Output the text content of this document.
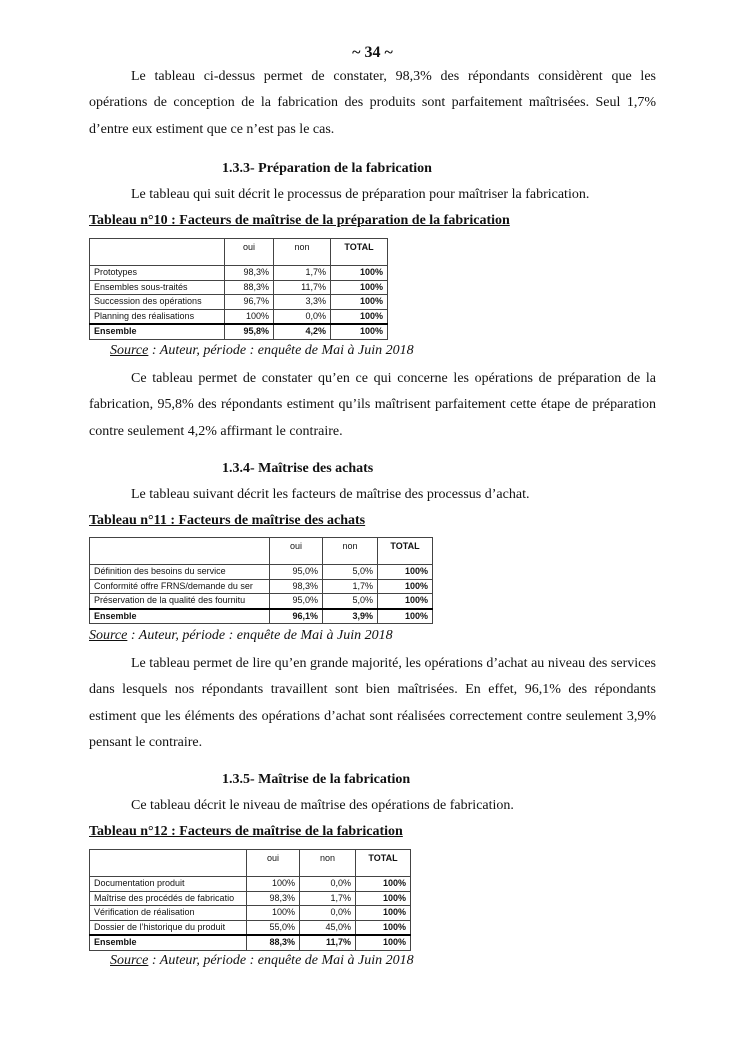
~ 34 ~
Le tableau ci-dessus permet de constater, 98,3% des répondants considèrent que les opérations de conception de la fabrication des produits sont parfaitement maîtrisées. Seul 1,7% d’entre eux estiment que ce n’est pas le cas.
1.3.3- Préparation de la fabrication
Le tableau qui suit décrit le processus de préparation pour maîtriser la fabrication.
Tableau n°10 : Facteurs de maîtrise de la préparation de la fabrication
	oui	non	TOTAL
Prototypes	98,3%	1,7%	100%
Ensembles sous-traités	88,3%	11,7%	100%
Succession des opérations	96,7%	3,3%	100%
Planning des réalisations	100%	0,0%	100%
Ensemble	95,8%	4,2%	100%
Source : Auteur, période : enquête de Mai à Juin 2018
Ce tableau permet de constater qu’en ce qui concerne les opérations de préparation de la fabrication, 95,8% des répondants estiment qu’ils maîtrisent parfaitement cette étape de préparation contre seulement 4,2% affirmant le contraire.
1.3.4- Maîtrise des achats
Le tableau suivant décrit les facteurs de maîtrise des processus d’achat.
Tableau n°11 : Facteurs de maîtrise des achats
	oui	non	TOTAL
Définition des besoins du service	95,0%	5,0%	100%
Conformité offre FRNS/demande du ser	98,3%	1,7%	100%
Préservation de la qualité des fournitu	95,0%	5,0%	100%
Ensemble	96,1%	3,9%	100%
Source : Auteur, période : enquête de Mai à Juin 2018
Le tableau permet de lire qu’en grande majorité, les opérations d’achat au niveau des services dans lesquels nos répondants travaillent sont bien maîtrisées. En effet, 96,1% des répondants estiment que les éléments des opérations d’achat sont réalisées correctement contre seulement 3,9% pensant le contraire.
1.3.5- Maîtrise de la fabrication
Ce tableau décrit le niveau de maîtrise des opérations de fabrication.
Tableau n°12 : Facteurs de maîtrise de la fabrication
	oui	non	TOTAL
Documentation produit	100%	0,0%	100%
Maîtrise des procédés de fabricatio	98,3%	1,7%	100%
Vérification de réalisation	100%	0,0%	100%
Dossier de l’historique du produit	55,0%	45,0%	100%
Ensemble	88,3%	11,7%	100%
Source : Auteur, période : enquête de Mai à Juin 2018
